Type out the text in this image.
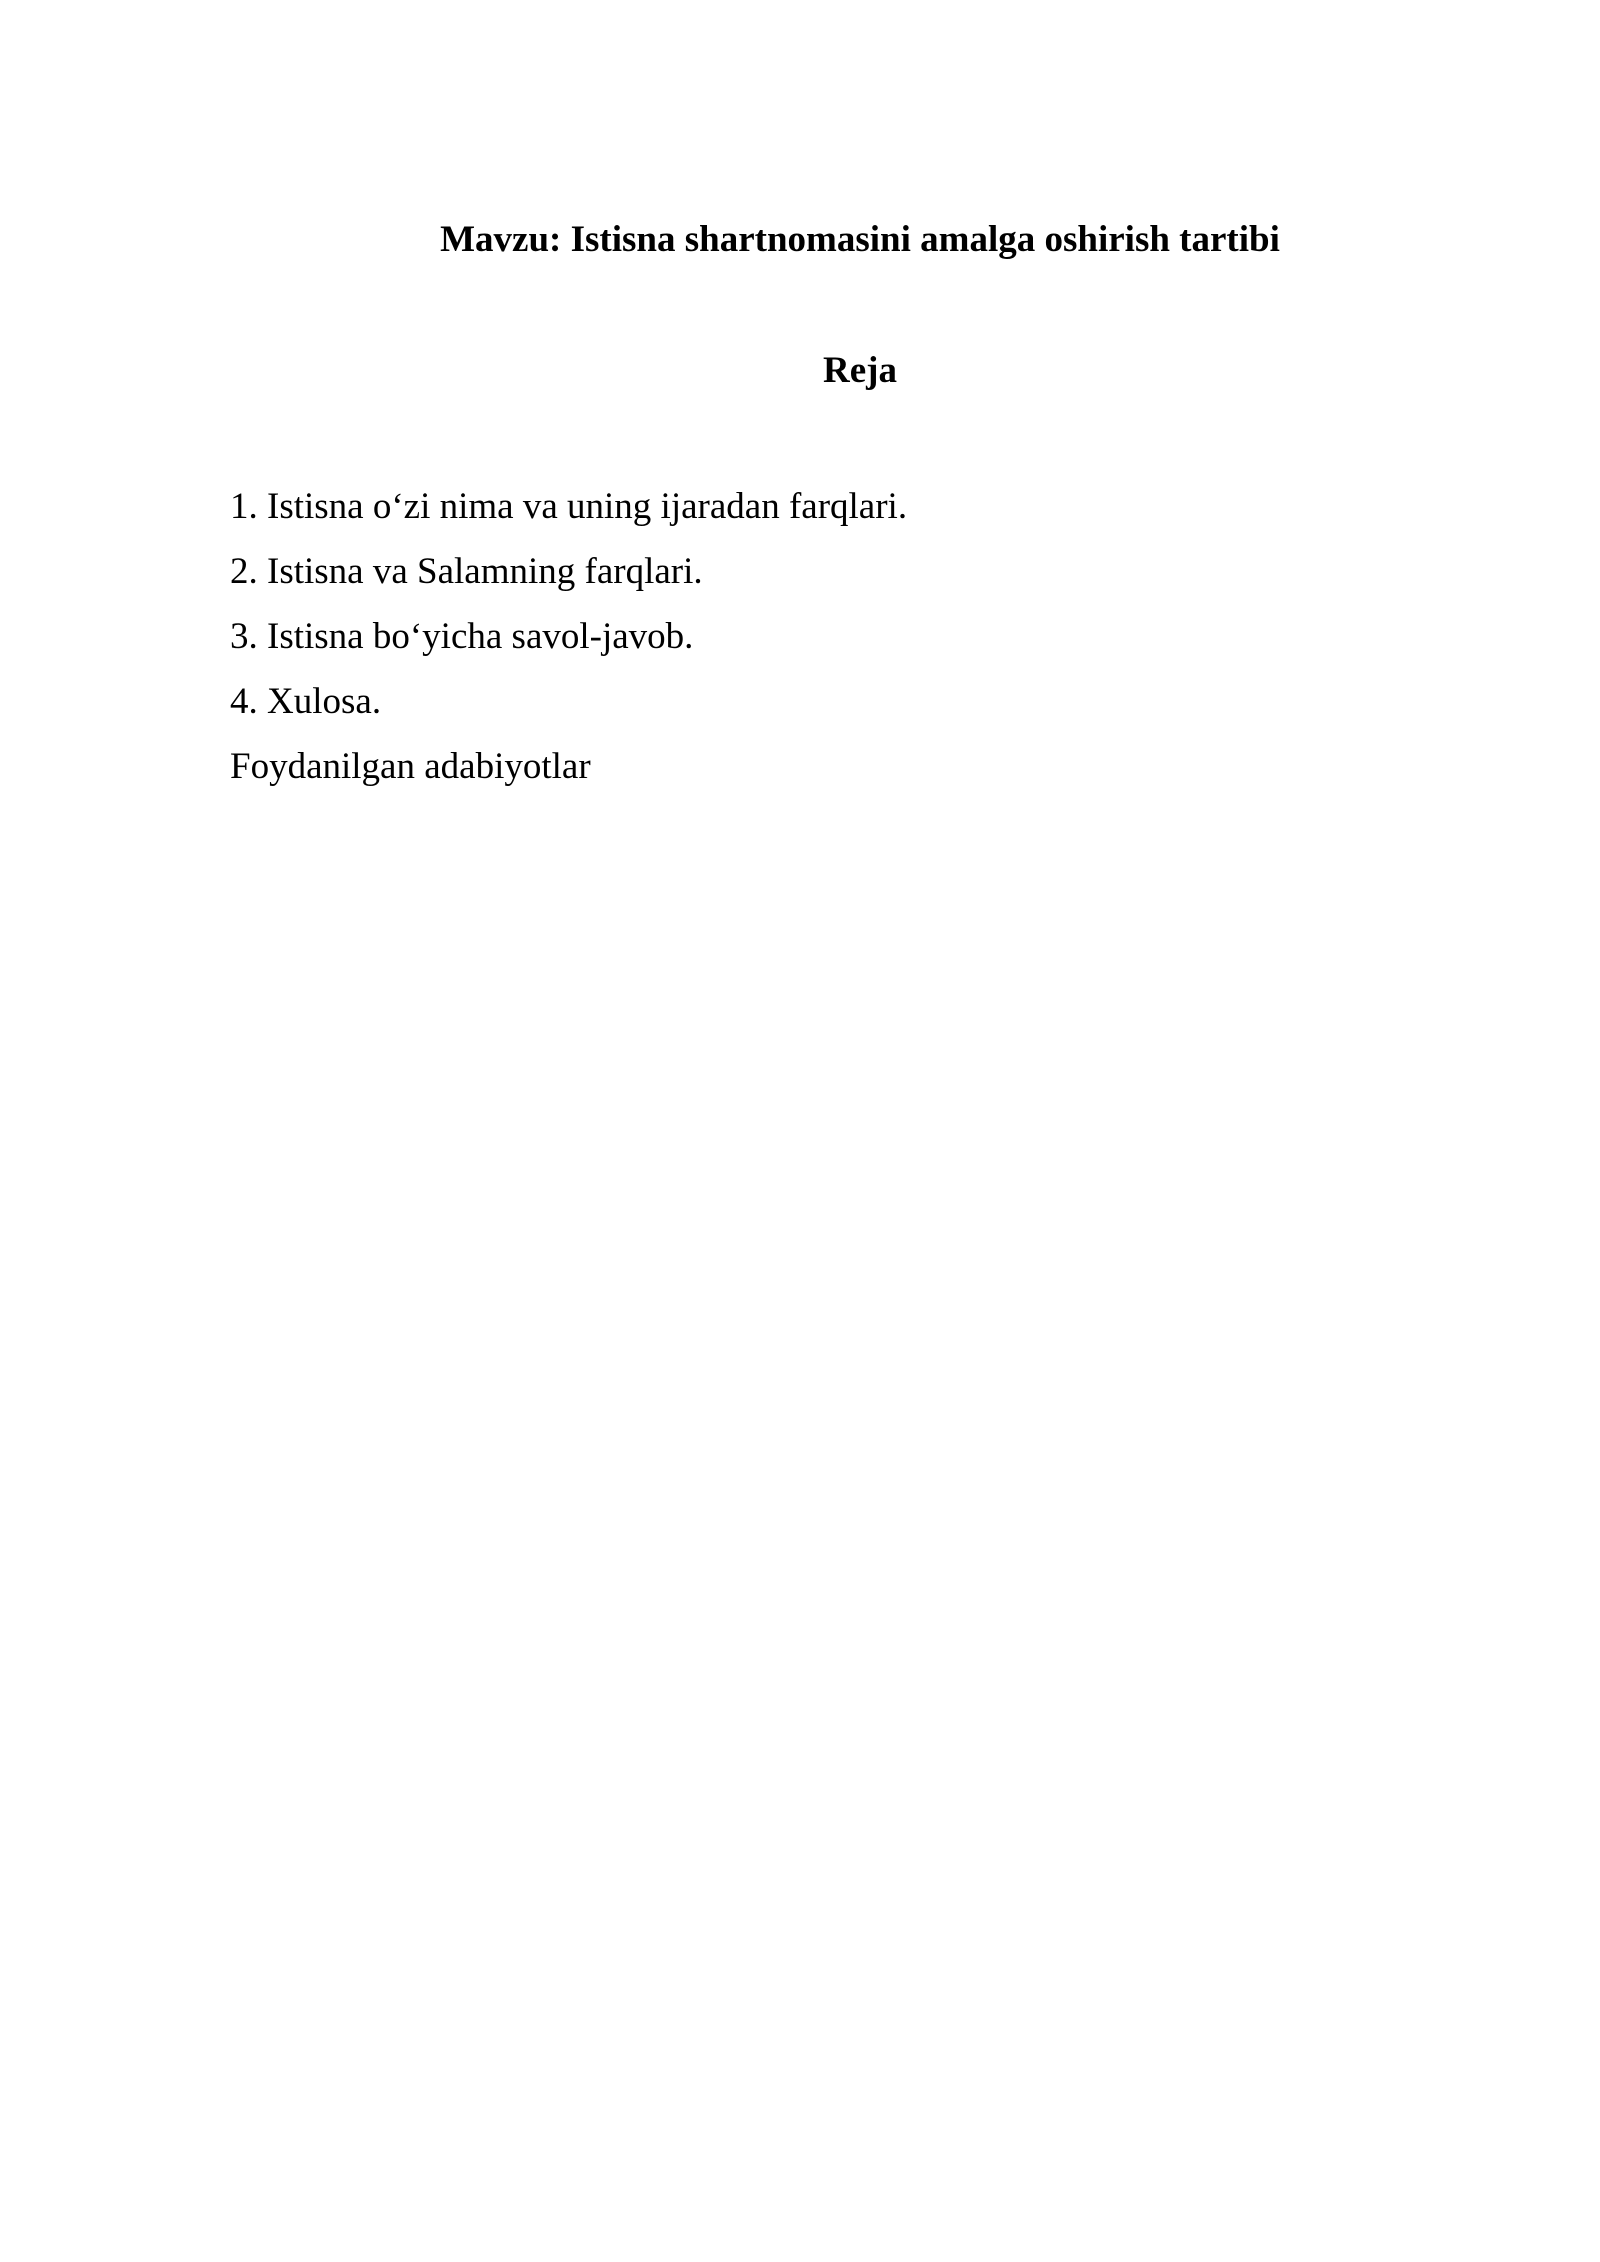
Mavzu: Istisna shartnomasini amalga oshirish tartibi
Reja
1. Istisna o‘zi nima va uning ijaradan farqlari.
2. Istisna va Salamning farqlari.
3. Istisna bo‘yicha savol-javob.
4. Xulosa.
Foydanilgan adabiyotlar
